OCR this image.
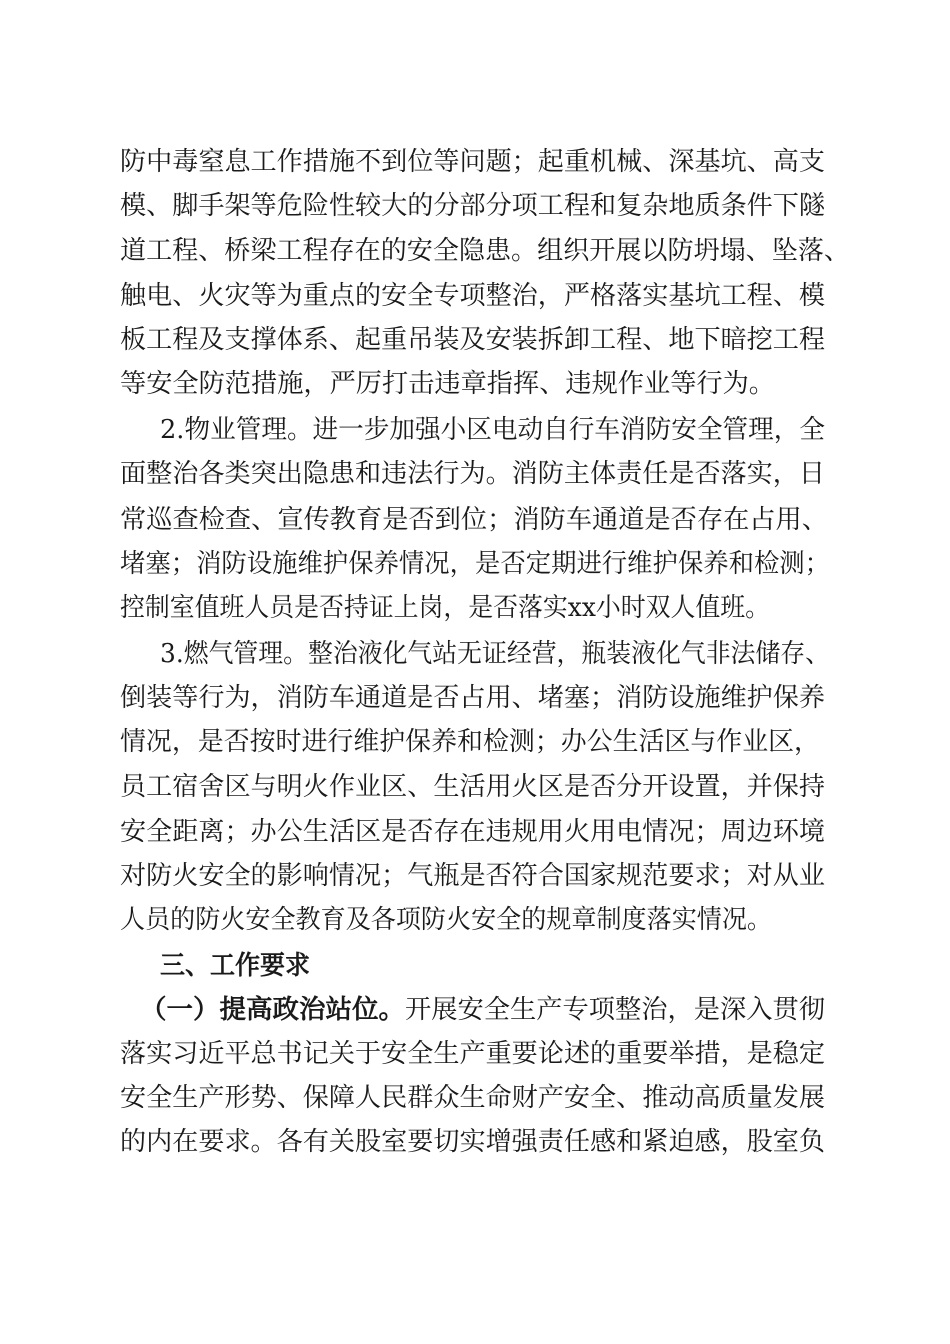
防中毒窒息工作措施不到位等问题；起重机械、深基坑、高支
模、脚手架等危险性较大的分部分项工程和复杂地质条件下隧
道工程、桥梁工程存在的安全隐患。组织开展以防坍塌、坠落、
触电、火灾等为重点的安全专项整治，严格落实基坑工程、模
板工程及支撑体系、起重吊装及安装拆卸工程、地下暗挖工程
等安全防范措施，严厉打击违章指挥、违规作业等行为。
2.物业管理。进一步加强小区电动自行车消防安全管理，全
面整治各类突出隐患和违法行为。消防主体责任是否落实，日
常巡查检查、宣传教育是否到位；消防车通道是否存在占用、
堵塞；消防设施维护保养情况，是否定期进行维护保养和检测；
控制室值班人员是否持证上岗，是否落实xx小时双人值班。
3.燃气管理。整治液化气站无证经营，瓶装液化气非法储存、
倒装等行为，消防车通道是否占用、堵塞；消防设施维护保养
情况，是否按时进行维护保养和检测；办公生活区与作业区，
员工宿舍区与明火作业区、生活用火区是否分开设置，并保持
安全距离；办公生活区是否存在违规用火用电情况；周边环境
对防火安全的影响情况；气瓶是否符合国家规范要求；对从业
人员的防火安全教育及各项防火安全的规章制度落实情况。
三、工作要求
（一）提高政治站位。 开展安全生产专项整治，是深入贯彻
落实习近平总书记关于安全生产重要论述的重要举措，是稳定
安全生产形势、保障人民群众生命财产安全、推动高质量发展
的内在要求。各有关股室要切实增强责任感和紧迫感，股室负
